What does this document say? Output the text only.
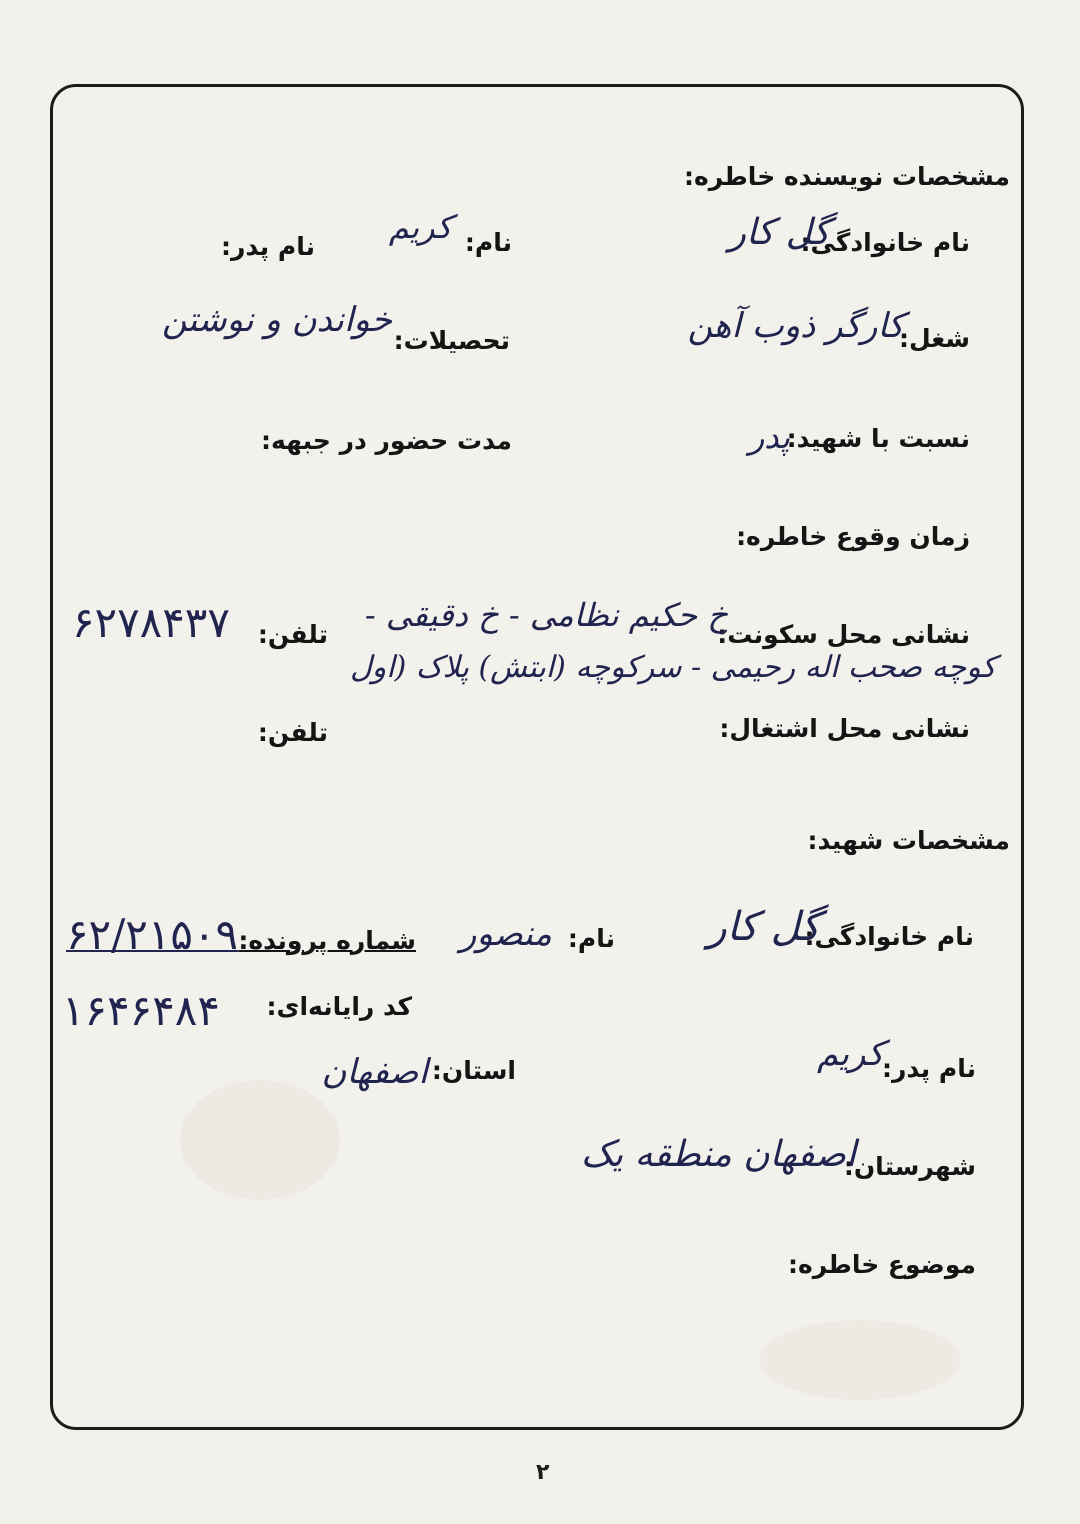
مشخصات نویسنده خاطره:
نام خانوادگی:
گل کار
نام:
کریم
نام پدر:
شغل:
کارگر ذوب آهن
تحصیلات:
خواندن و نوشتن
نسبت با شهید:
پدر
مدت حضور در جبهه:
زمان وقوع خاطره:
نشانی محل سکونت:
خ حکیم نظامی - خ دقیقی -
تلفن:
۶۲۷۸۴۳۷
کوچه صحب اله رحیمی - سرکوچه (ابتش) پلاک (اول
نشانی محل اشتغال:
تلفن:
مشخصات شهید:
نام خانوادگی:
گل کار
نام:
منصور
شماره پرونده:
۶۲/۲۱۵۰۹
کد رایانه‌ای:
۱۶۴۶۴۸۴
نام پدر:
کریم
استان:
اصفهان
شهرستان:
اصفهان منطقه یک
موضوع خاطره:
۲
